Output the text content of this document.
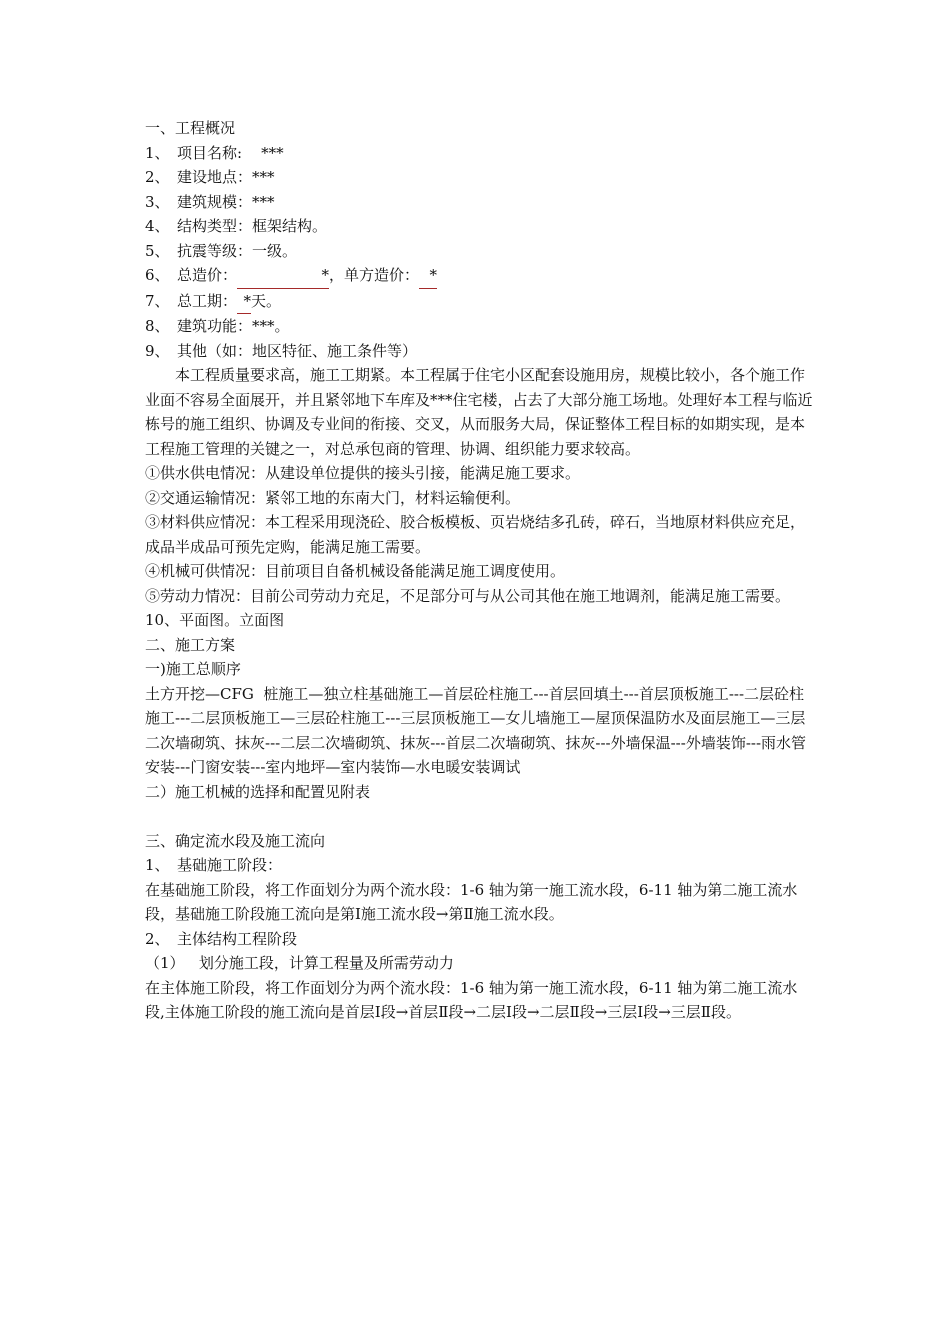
一、工程概况

1、 项目名称:    ***

2、 建设地点：***

3、 建筑规模：***

4、 结构类型：框架结构。

5、 抗震等级：一级。

6、 总造价：	*，单方造价： *

7、 总工期： *天。

8、 建筑功能：***。

9、 其他（如：地区特征、施工条件等）

本工程质量要求高，施工工期紧。本工程属于住宅小区配套设施用房，规模比较小，各个施工作业面不容易全面展开，并且紧邻地下车库及***住宅楼，占去了大部分施工场地。处理好本工程与临近栋号的施工组织、协调及专业间的衔接、交叉，从而服务大局，保证整体工程目标的如期实现，是本工程施工管理的关键之一，对总承包商的管理、协调、组织能力要求较高。

①供水供电情况：从建设单位提供的接头引接，能满足施工要求。

②交通运输情况：紧邻工地的东南大门，材料运输便利。

③材料供应情况：本工程采用现浇砼、胶合板模板、页岩烧结多孔砖，碎石，当地原材料供应充足，成品半成品可预先定购，能满足施工需要。

④机械可供情况：目前项目自备机械设备能满足施工调度使用。

⑤劳动力情况：目前公司劳动力充足，不足部分可与从公司其他在施工地调剂，能满足施工需要。

10、平面图。立面图

二、施工方案

一)施工总顺序

土方开挖—CFG  桩施工—独立柱基础施工—首层砼柱施工---首层回填土---首层顶板施工---二层砼柱施工---二层顶板施工—三层砼柱施工---三层顶板施工—女儿墙施工—屋顶保温防水及面层施工—三层二次墙砌筑、抹灰---二层二次墙砌筑、抹灰---首层二次墙砌筑、抹灰---外墙保温---外墙装饰---雨水管安装---门窗安装---室内地坪—室内装饰—水电暖安装调试

二）施工机械的选择和配置见附表

三、确定流水段及施工流向

1、 基础施工阶段：

在基础施工阶段，将工作面划分为两个流水段：1-6 轴为第一施工流水段，6-11 轴为第二施工流水段，基础施工阶段施工流向是第Ⅰ施工流水段→第Ⅱ施工流水段。

2、 主体结构工程阶段

（1）   划分施工段，计算工程量及所需劳动力

在主体施工阶段，将工作面划分为两个流水段：1-6 轴为第一施工流水段，6-11 轴为第二施工流水段,主体施工阶段的施工流向是首层Ⅰ段→首层Ⅱ段→二层Ⅰ段→二层Ⅱ段→三层Ⅰ段→三层Ⅱ段。
